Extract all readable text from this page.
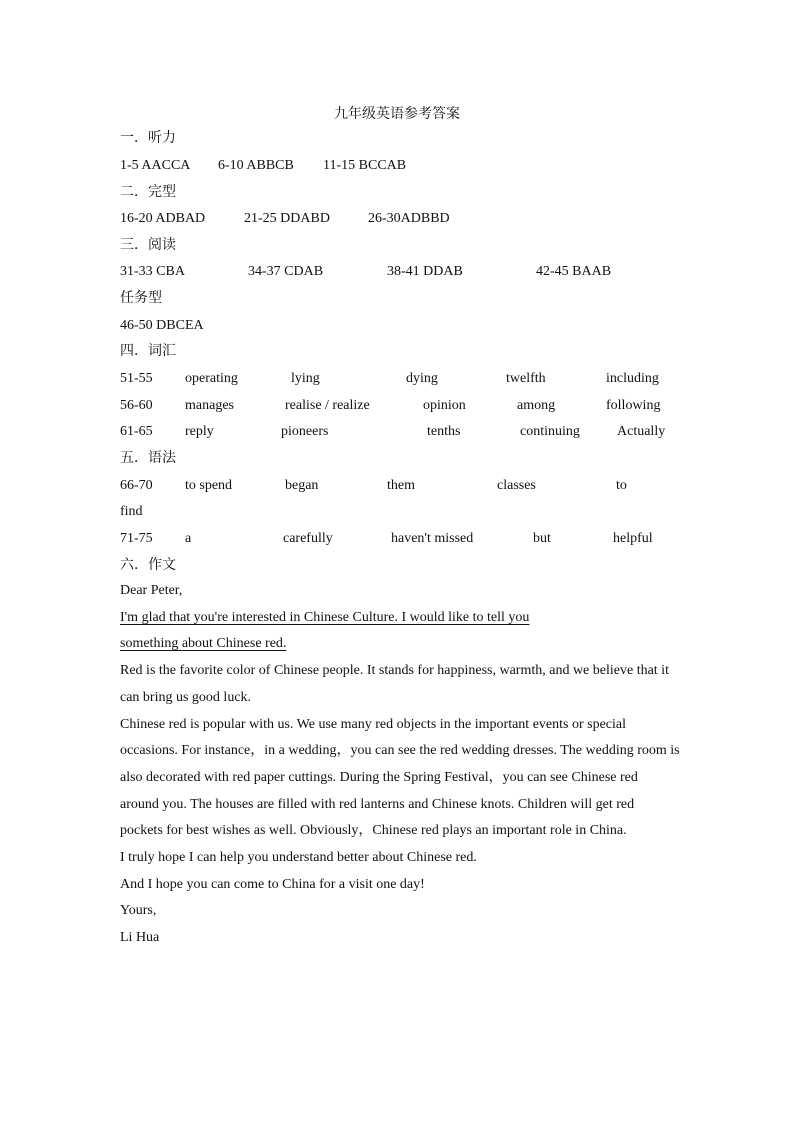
九年级英语参考答案
一．听力
1-5 AACCA 6-10 ABBCB 11-15 BCCAB
二．完型
16-20 ADBAD	21-25 DDABD	26-30ADBBD
三．阅读
31-33 CBA	34-37 CDAB	38-41 DDAB	42-45 BAAB
任务型
46-50 DBCEA
四．词汇
51-55 operating	lying	dying	twelfth	including
56-60 manages	realise / realize	opinion	among	following
61-65 reply	pioneers	tenths	continuing	Actually
五．语法
66-70 to spend	began	them	classes	to
find
71-75 a	carefully	haven't missed	but	helpful
六．作文

Dear Peter,

I'm glad that you're interested in Chinese Culture. I would like to tell you

something about Chinese red.

Red is the favorite color of Chinese people. It stands for happiness, warmth, and we believe that it can bring us good luck.

Chinese red is popular with us. We use many red objects in the important events or special occasions. For instance，in a wedding，you can see the red wedding dresses. The wedding room is also decorated with red paper cuttings. During the Spring Festival，you can see Chinese red around you. The houses are filled with red lanterns and Chinese knots. Children will get red pockets for best wishes as well. Obviously，Chinese red plays an important role in China.

I truly hope I can help you understand better about Chinese red.

And I hope you can come to China for a visit one day!

Yours,

Li Hua
